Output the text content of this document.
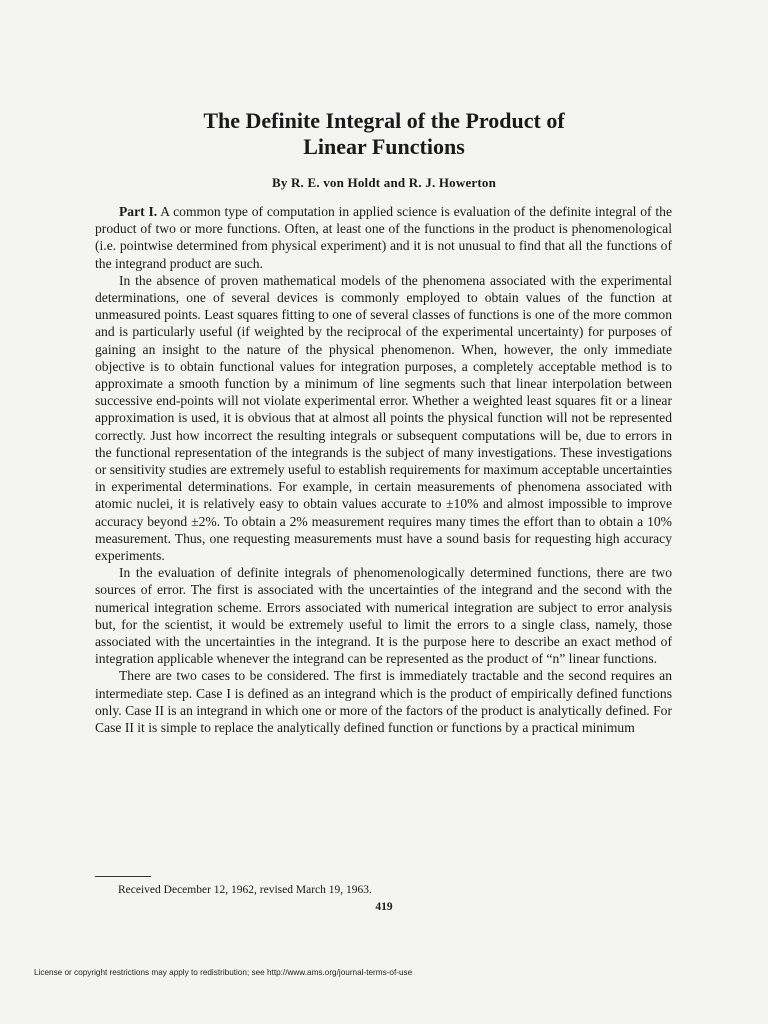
The Definite Integral of the Product of
Linear Functions
By R. E. von Holdt and R. J. Howerton

Part I. A common type of computation in applied science is evaluation of the definite integral of the product of two or more functions. Often, at least one of the functions in the product is phenomenological (i.e. pointwise determined from physical experiment) and it is not unusual to find that all the functions of the integrand product are such.

In the absence of proven mathematical models of the phenomena associated with the experimental determinations, one of several devices is commonly employed to obtain values of the function at unmeasured points. Least squares fitting to one of several classes of functions is one of the more common and is particularly useful (if weighted by the reciprocal of the experimental uncertainty) for purposes of gaining an insight to the nature of the physical phenomenon. When, however, the only immediate objective is to obtain functional values for integration purposes, a completely acceptable method is to approximate a smooth function by a minimum of line segments such that linear interpolation between successive end-points will not violate experimental error. Whether a weighted least squares fit or a linear approximation is used, it is obvious that at almost all points the physical function will not be represented correctly. Just how incorrect the resulting integrals or subsequent computations will be, due to errors in the functional representation of the integrands is the subject of many investigations. These investigations or sensitivity studies are extremely useful to establish requirements for maximum acceptable uncertainties in experimental determinations. For example, in certain measurements of phenomena associated with atomic nuclei, it is relatively easy to obtain values accurate to ±10% and almost impossible to improve accuracy beyond ±2%. To obtain a 2% measurement requires many times the effort than to obtain a 10% measurement. Thus, one requesting measurements must have a sound basis for requesting high accuracy experiments.

In the evaluation of definite integrals of phenomenologically determined functions, there are two sources of error. The first is associated with the uncertainties of the integrand and the second with the numerical integration scheme. Errors associated with numerical integration are subject to error analysis but, for the scientist, it would be extremely useful to limit the errors to a single class, namely, those associated with the uncertainties in the integrand. It is the purpose here to describe an exact method of integration applicable whenever the integrand can be represented as the product of “n” linear functions.

There are two cases to be considered. The first is immediately tractable and the second requires an intermediate step. Case I is defined as an integrand which is the product of empirically defined functions only. Case II is an integrand in which one or more of the factors of the product is analytically defined. For Case II it is simple to replace the analytically defined function or functions by a practical minimum

Received December 12, 1962, revised March 19, 1963.
419
License or copyright restrictions may apply to redistribution; see http://www.ams.org/journal-terms-of-use
